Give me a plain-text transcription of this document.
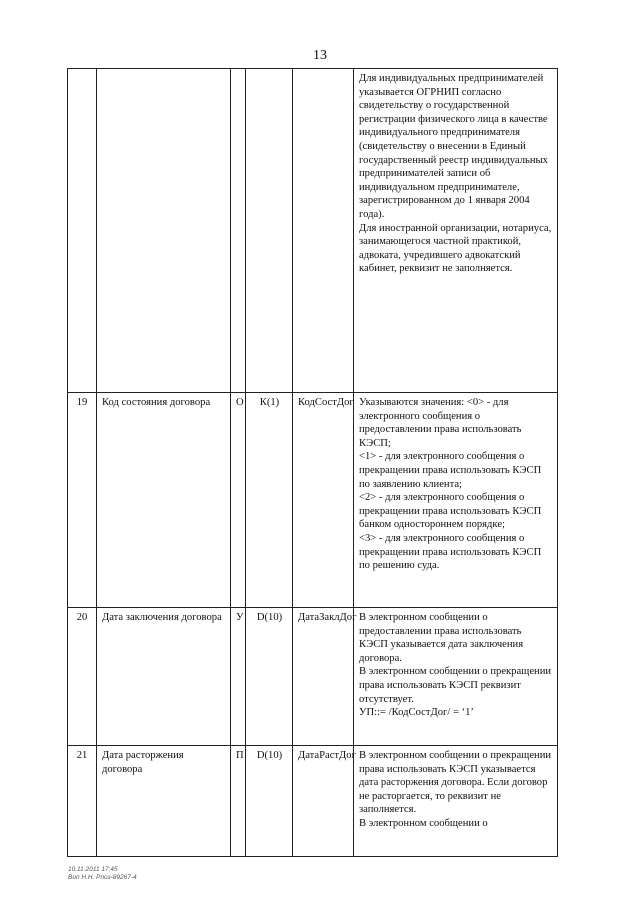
13

					Для индивидуальных предпринимателей указывается ОГРНИП согласно свидетельству о государственной регистрации физического лица в качестве индивидуального предпринимателя (свидетельству о внесении в Единый государственный реестр индивидуальных предпринимателей записи об индивидуальном предпринимателе, зарегистрированном до 1 января 2004 года).
Для иностранной организации, нотариуса, занимающегося частной практикой, адвоката, учредившего адвокатский кабинет, реквизит не заполняется.

19	Код состояния договора	О	К(1)	КодСостДог	Указываются значения: <0> - для электронного сообщения о предоставлении права использовать КЭСП;
<1> - для электронного сообщения о прекращении права использовать КЭСП по заявлению клиента;
<2> - для электронного сообщения о прекращении права использовать КЭСП банком одностороннем порядке;
<3> - для электронного сообщения о прекращении права использовать КЭСП по решению суда.

20	Дата заключения договора	У	D(10)	ДатаЗаклДог	В электронном сообщении о предоставлении права использовать КЭСП указывается дата заключения договора.
В электронном сообщении о прекращении права использовать КЭСП реквизит отсутствует.
УП::= /КодСостДог/ = ‘1’

21	Дата расторжения договора	П	D(10)	ДатаРастДог	В электронном сообщении о прекращении права использовать КЭСП указывается дата расторжения договора. Если договор не расторгается, то реквизит не заполняется.
В электронном сообщении о
10.11.2011 17:45
Вип Н.Н. Рпоз-89267-4
